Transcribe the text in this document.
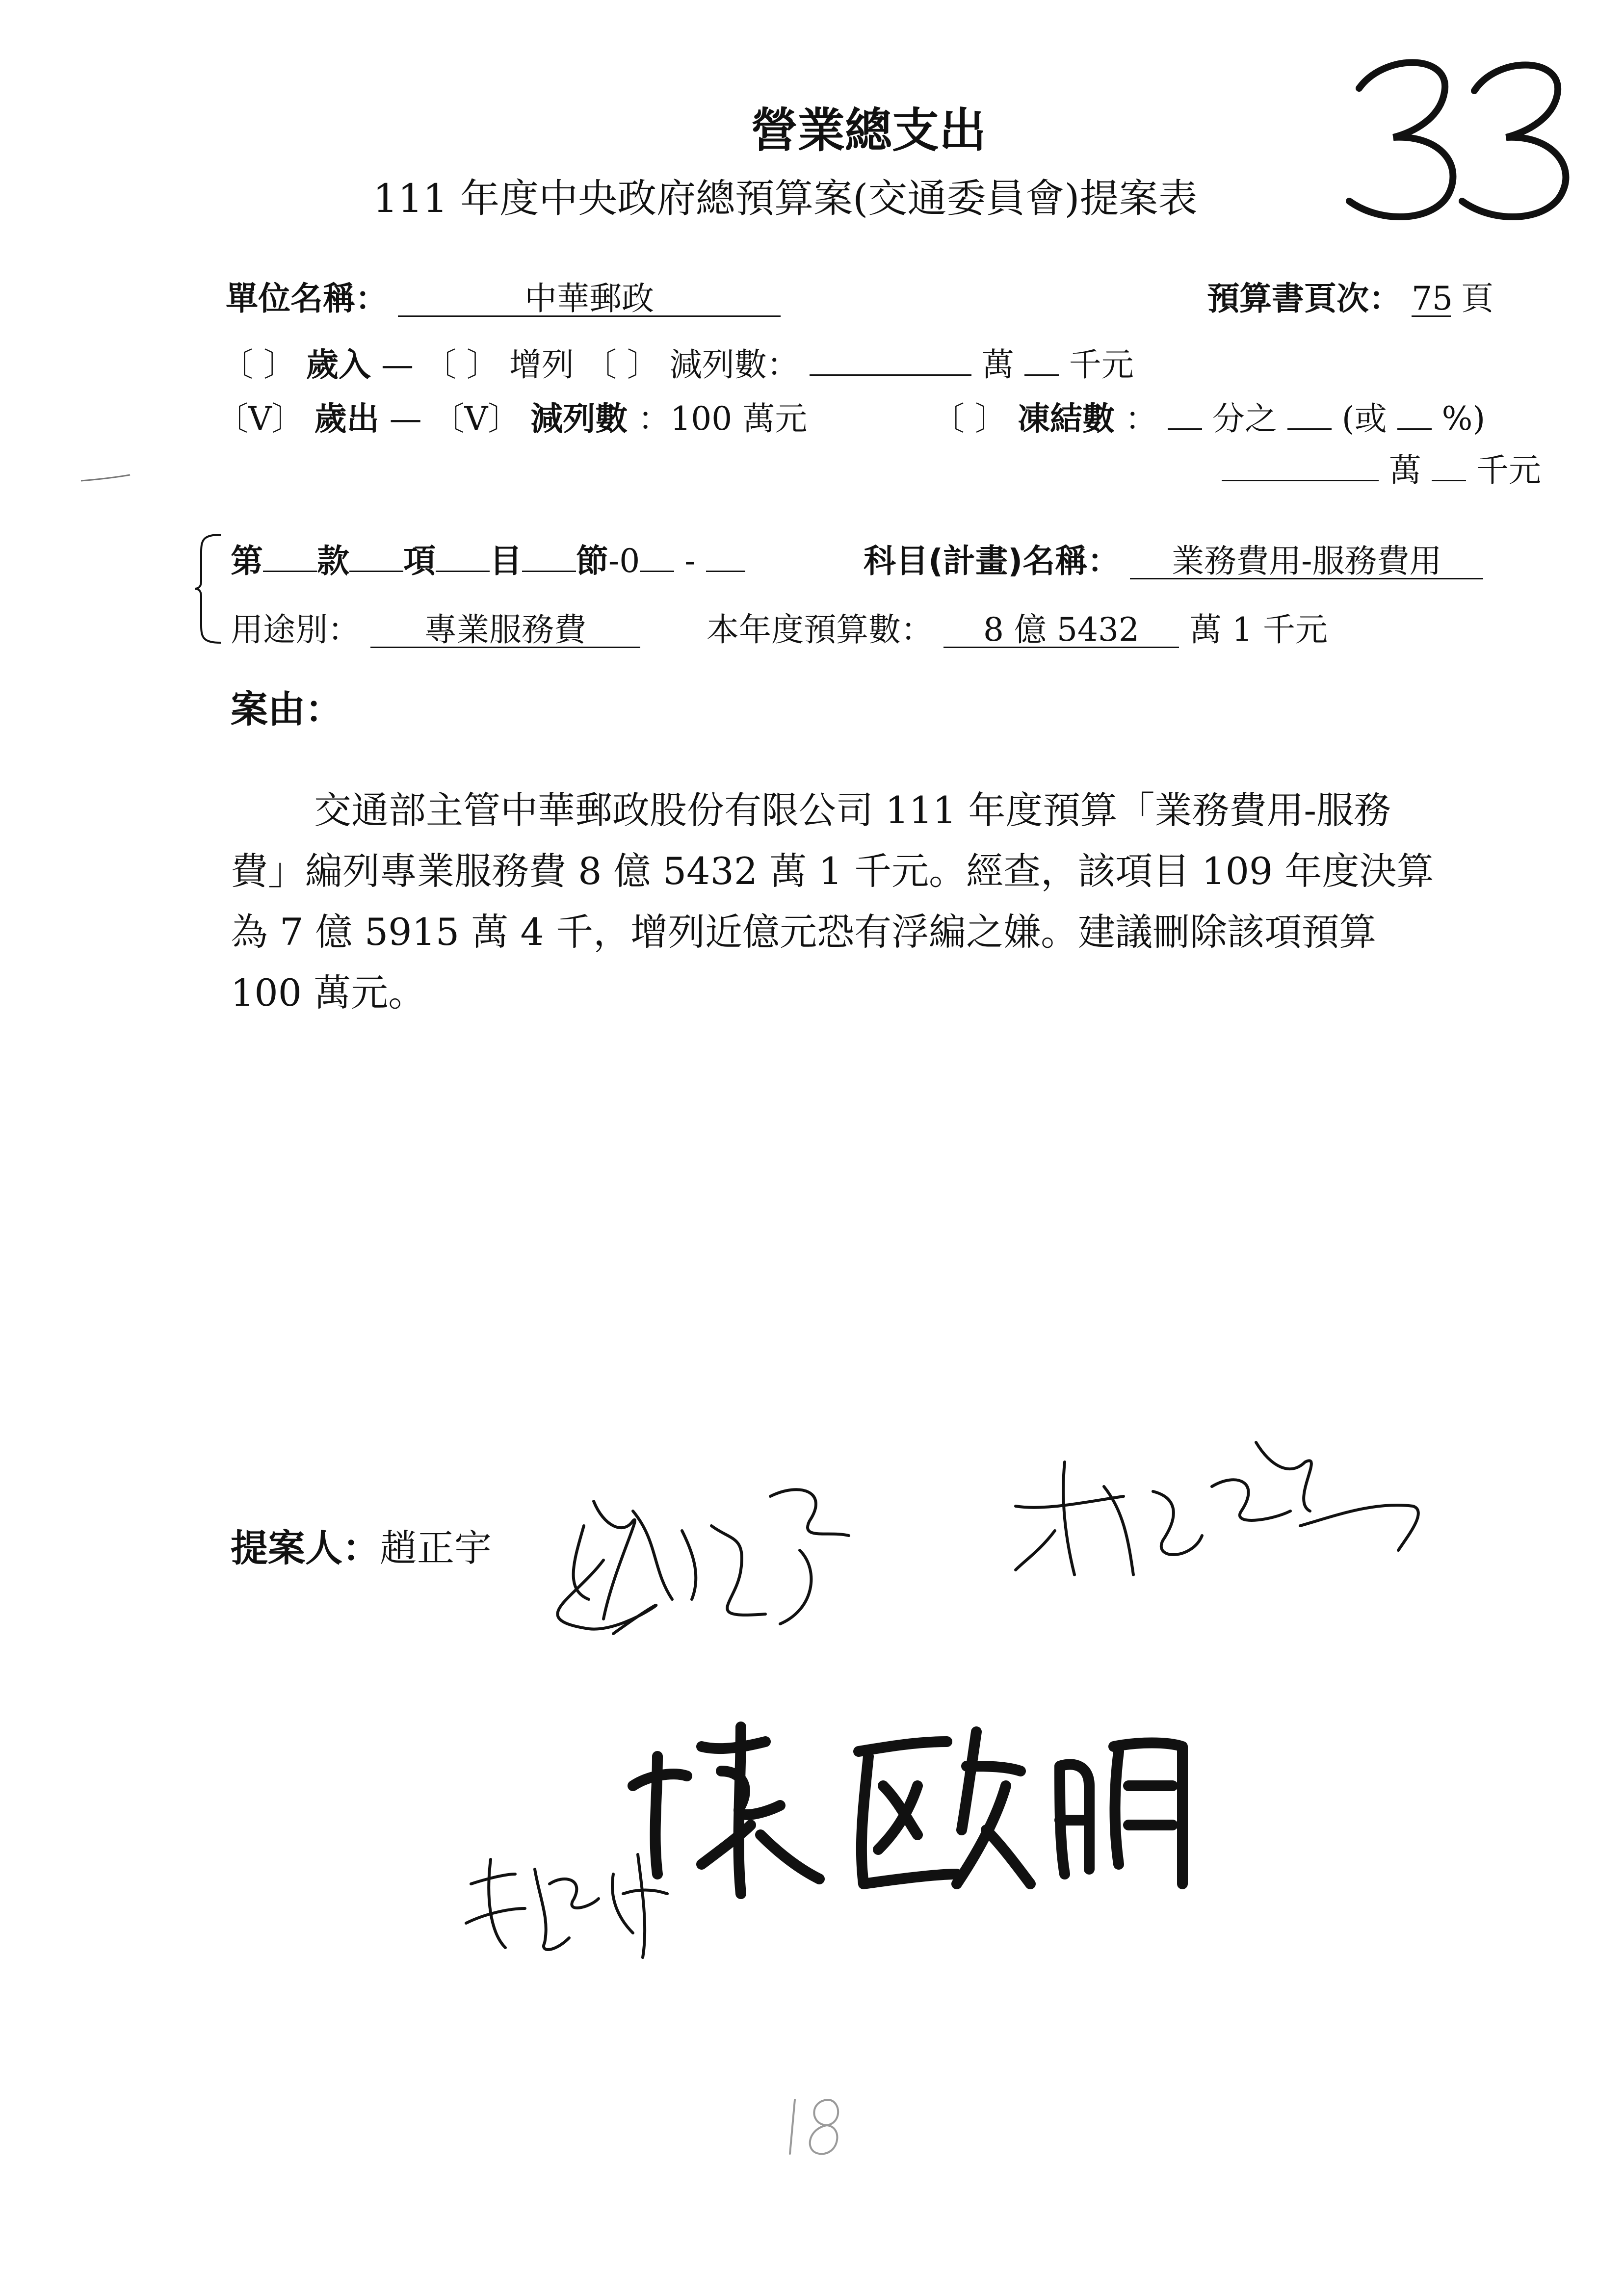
營業總支出
111 年度中央政府總預算案(交通委員會)提案表
單位名稱：	中華郵政	預算書頁次： 75 頁
〔 〕 歲入 — 〔 〕 增列 〔 〕 減列數：	萬 千元
〔V〕 歲出 — 〔V〕 減列數 ：100 萬元	〔 〕 凍結數 ： 分之 (或 %)
萬 千元
第 款 項 目 節-0 -	科目(計畫)名稱： 業務費用-服務費用
用途別： 專業服務費	本年度預算數： 8 億 5432 萬 1 千元
案由：
交通部主管中華郵政股份有限公司 111 年度預算「業務費用-服務費」編列專業服務費 8 億 5432 萬 1 千元。經查，該項目 109 年度決算為 7 億 5915 萬 4 千，增列近億元恐有浮編之嫌。建議刪除該項預算 100 萬元。
提案人：趙正宇
